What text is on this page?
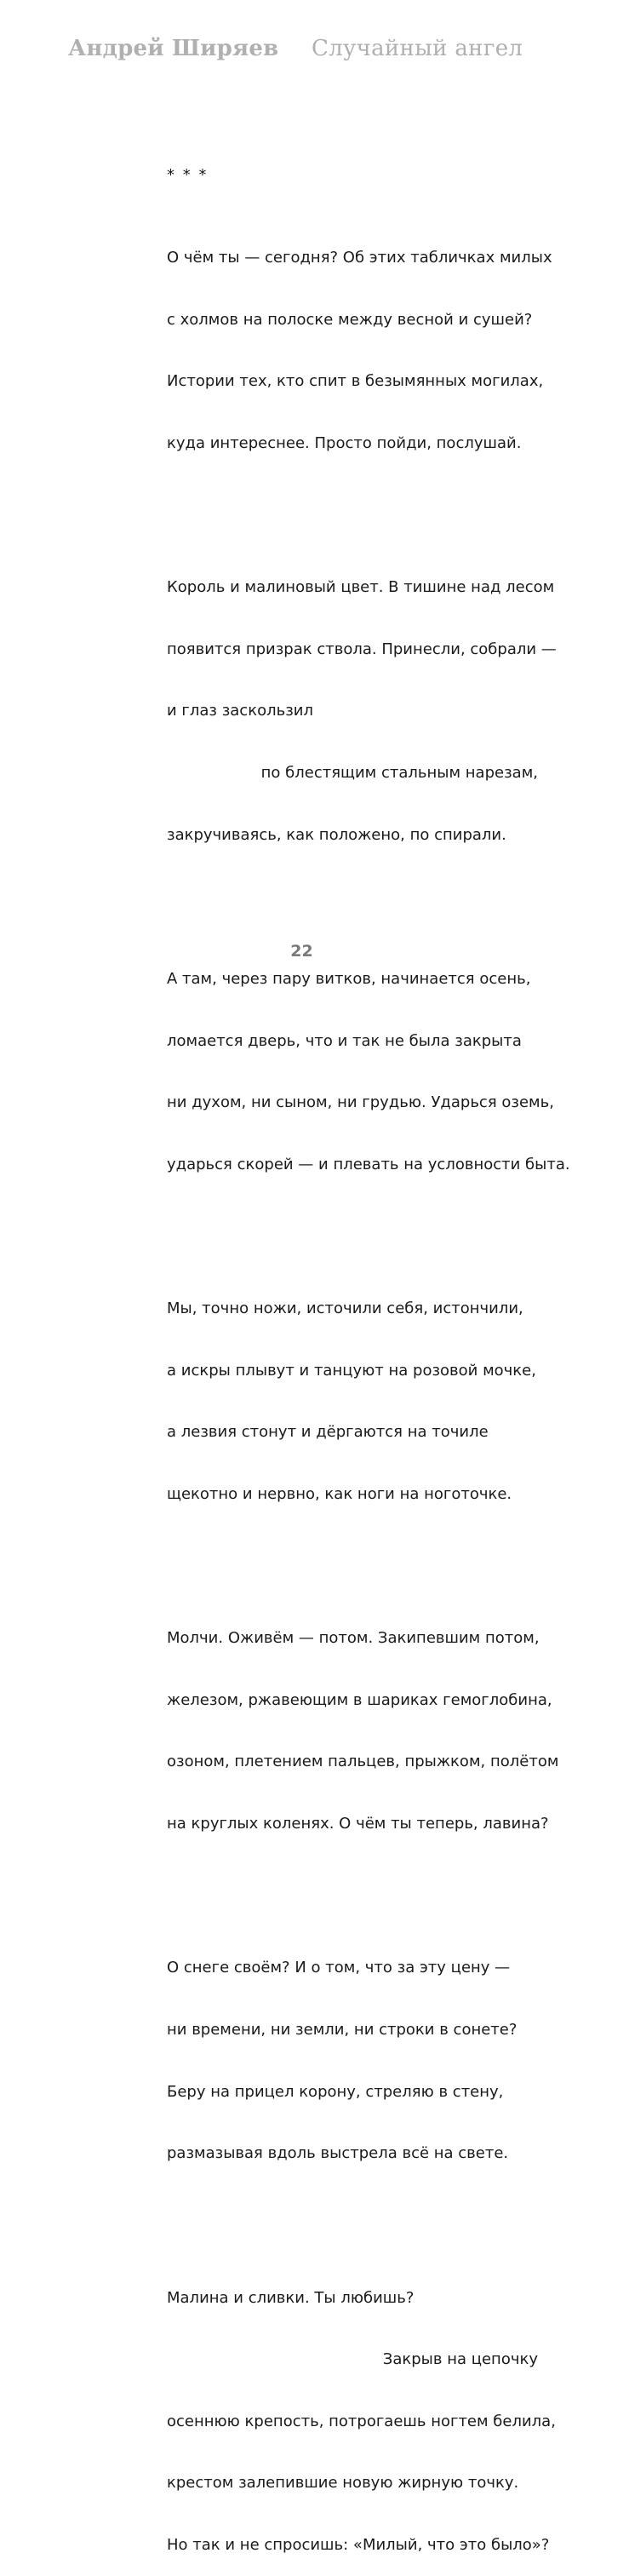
Андрей Ширяев Случайный ангел

* * *

О чём ты — сегодня? Об этих табличках милых

с холмов на полоске между весной и сушей?

Истории тех, кто спит в безымянных могилах,

куда интереснее. Просто пойди, послушай.

Король и малиновый цвет. В тишине над лесом

появится призрак ствола. Принесли, собрали —

и глаз заскользил

по блестящим стальным нарезам,

закручиваясь, как положено, по спирали.

А там, через пару витков, начинается осень,

ломается дверь, что и так не была закрыта

ни духом, ни сыном, ни грудью. Ударься оземь,

ударься скорей — и плевать на условности быта.

Мы, точно ножи, источили себя, истончили,

а искры плывут и танцуют на розовой мочке,

а лезвия стонут и дёргаются на точиле

щекотно и нервно, как ноги на ноготочке.

Молчи. Оживём — потом. Закипевшим потом,

железом, ржавеющим в шариках гемоглобина,

озоном, плетением пальцев, прыжком, полётом

на круглых коленях. О чём ты теперь, лавина?

О снеге своём? И о том, что за эту цену —

ни времени, ни земли, ни строки в сонете?

Беру на прицел корону, стреляю в стену,

размазывая вдоль выстрела всё на свете.

Малина и сливки. Ты любишь?

Закрыв на цепочку

осеннюю крепость, потрогаешь ногтем белила,

крестом залепившие новую жирную точку.

Но так и не спросишь: «Милый, что это было»?

22
